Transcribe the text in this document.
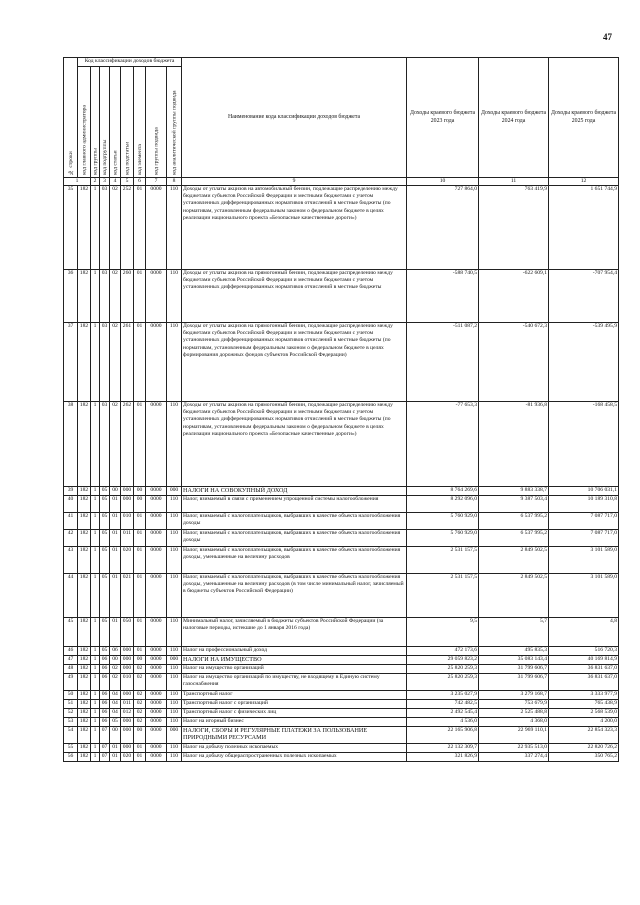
47
№ строки	Код классификации доходов бюджета								Наименование кода классификации доходов бюджета	Доходы краевого бюджета 2023 года	Доходы краевого бюджета 2024 года	Доходы краевого бюджета 2025 года
	код главного администратора	код группы	код подгруппы	код статьи	код подстатьи	код элемента	код группы подвида	код аналитической группы подвида				
1		2	3	4	5	6	7	8	9	10	11	12
35	182	1	03	02	252	01	0000	110	Доходы от уплаты акцизов на автомобильный бензин, подлежащие распределению между бюджетами субъектов Российской Федерации и местными бюджетами с учетом установленных дифференцированных нормативов отчислений в местные бюджеты (по нормативам, установленным федеральным законом о федеральном бюджете в целях реализации национального проекта «Безопасные качественные дороги»)	727 864,0	763 419,9	1 651 744,9
36	182	1	03	02	260	01	0000	110	Доходы от уплаты акцизов на прямогонный бензин, подлежащие распределению между бюджетами субъектов Российской Федерации и местными бюджетами с учетом установленных дифференцированных нормативов отчислений в местные бюджеты	-588 740,5	-622 609,1	-707 954,4
37	182	1	03	02	261	01	0000	110	Доходы от уплаты акцизов на прямогонный бензин, подлежащие распределению между бюджетами субъектов Российской Федерации и местными бюджетами с учетом установленных дифференцированных нормативов отчислений в местные бюджеты (по нормативам, установленным федеральным законом о федеральном бюджете в целях формирования дорожных фондов субъектов Российской Федерации)	-511 087,2	-540 672,3	-539 495,9
38	182	1	03	02	262	01	0000	110	Доходы от уплаты акцизов на прямогонный бензин, подлежащие распределению между бюджетами субъектов Российской Федерации и местными бюджетами с учетом установленных дифференцированных нормативов отчислений в местные бюджеты (по нормативам, установленным федеральным законом о федеральном бюджете в целях реализации национального проекта «Безопасные качественные дороги»)	-77 653,3	-81 936,8	-168 458,5
39	182	1	05	00	000	00	0000	000	НАЛОГИ НА СОВОКУПНЫЙ ДОХОД	8 764 269,6	9 883 338,7	10 706 031,1
40	182	1	05	01	000	00	0000	110	Налог, взимаемый в связи с применением упрощенной системы налогообложения	8 292 096,0	9 387 503,4	10 189 310,8
41	182	1	05	01	010	01	0000	110	Налог, взимаемый с налогоплательщиков, выбравших в качестве объекта налогообложения доходы	5 760 929,0	6 537 995,2	7 087 717,0
42	182	1	05	01	011	01	0000	110	Налог, взимаемый с налогоплательщиков, выбравших в качестве объекта налогообложения доходы	5 760 929,0	6 537 995,2	7 087 717,0
43	182	1	05	01	020	01	0000	110	Налог, взимаемый с налогоплательщиков, выбравших в качестве объекта налогообложения доходы, уменьшенные на величину расходов	2 531 157,5	2 849 502,5	3 101 589,0
44	182	1	05	01	021	01	0000	110	Налог, взимаемый с налогоплательщиков, выбравших в качестве объекта налогообложения доходы, уменьшенные на величину расходов (в том числе минимальный налог, зачисляемый в бюджеты субъектов Российской Федерации)	2 531 157,5	2 849 502,5	3 101 589,0
45	182	1	05	01	050	01	0000	110	Минимальный налог, зачисляемый в бюджеты субъектов Российской Федерации (за налоговые периоды, истекшие до 1 января 2016 года)	9,5	5,7	4,8
46	182	1	05	06	000	01	0000	110	Налог на профессиональный доход	472 173,6	495 835,3	516 720,3
47	182	1	06	00	000	00	0000	000	НАЛОГИ НА ИМУЩЕСТВО	29 059 823,2	35 083 143,4	40 169 814,9
48	182	1	06	02	000	02	0000	110	Налог на имущество организаций	25 820 259,3	31 799 606,7	36 831 637,0
49	182	1	06	02	010	02	0000	110	Налог на имущество организаций по имуществу, не входящему в Единую систему газоснабжения	25 820 259,3	31 799 606,7	36 831 637,0
50	182	1	06	04	000	02	0000	110	Транспортный налог	3 235 027,9	3 279 168,7	3 333 977,9
51	182	1	06	04	011	02	0000	110	Транспортный налог с организаций	742 482,5	753 679,9	765 438,9
52	182	1	06	04	012	02	0000	110	Транспортный налог с физических лиц	2 492 545,4	2 525 488,8	2 568 539,0
53	182	1	06	05	000	02	0000	110	Налог на игорный бизнес	4 536,0	4 368,0	4 200,0
54	182	1	07	00	000	00	0000	000	НАЛОГИ, СБОРЫ И РЕГУЛЯРНЫЕ ПЛАТЕЖИ ЗА ПОЛЬЗОВАНИЕ ПРИРОДНЫМИ РЕСУРСАМИ	22 165 906,8	22 969 110,1	22 854 323,3
55	182	1	07	01	000	01	0000	110	Налог на добычу полезных ископаемых	22 132 309,7	22 935 513,0	22 820 726,2
56	182	1	07	01	020	01	0000	110	Налог на добычу общераспространенных полезных ископаемых	321 826,9	337 274,4	350 765,2
